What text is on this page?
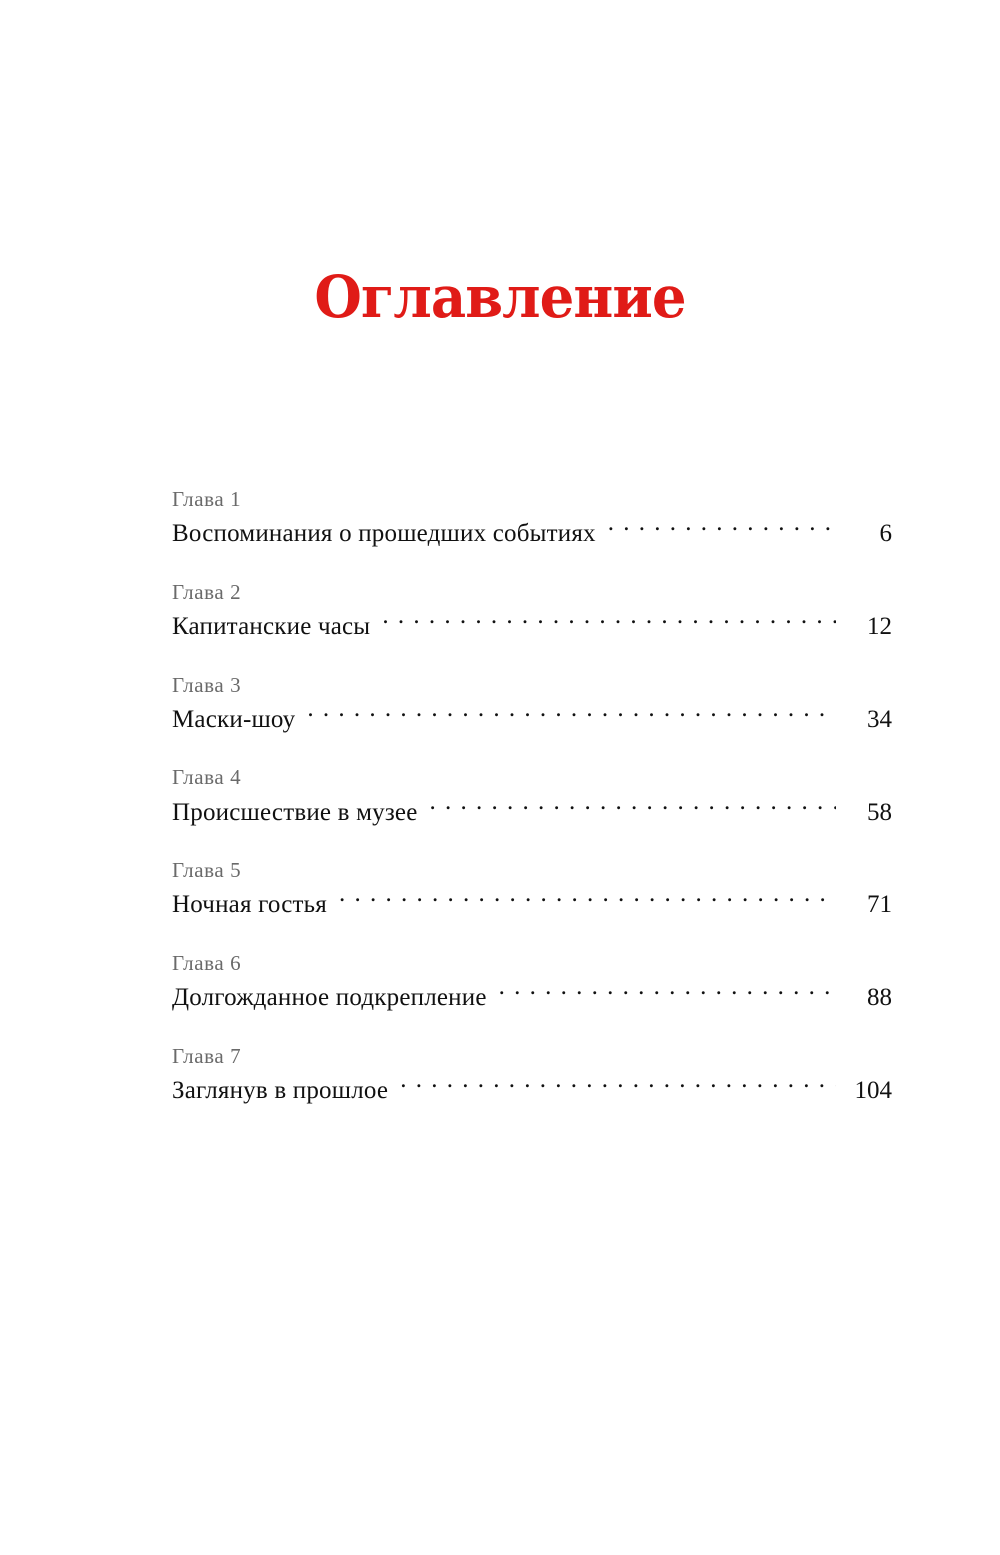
Оглавление
Глава 1
Воспоминания о прошедших событиях . . .	6
Глава 2
Капитанские часы . . .	12
Глава 3
Маски-шоу . . .	34
Глава 4
Происшествие в музее . . .	58
Глава 5
Ночная гостья . . .	71
Глава 6
Долгожданное подкрепление . . .	88
Глава 7
Заглянув в прошлое . . .	104
